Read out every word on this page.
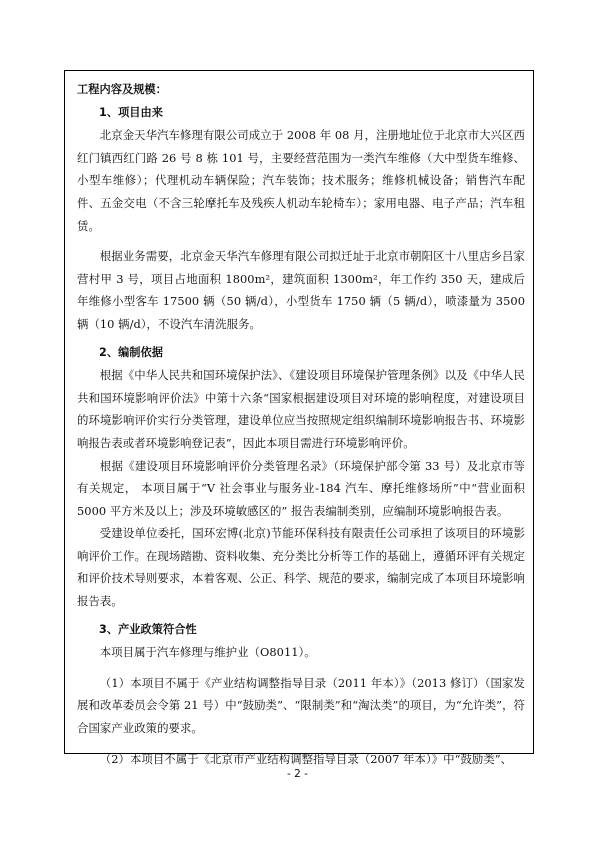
工程内容及规模：
1、项目由来

北京金天华汽车修理有限公司成立于 2008 年 08 月，注册地址位于北京市大兴区西红门镇西红门路 26 号 8 栋 101 号，主要经营范围为一类汽车维修（大中型货车维修、小型车维修）；代理机动车辆保险；汽车装饰；技术服务；维修机械设备；销售汽车配件、五金交电（不含三轮摩托车及残疾人机动车轮椅车）；家用电器、电子产品；汽车租赁。

根据业务需要，北京金天华汽车修理有限公司拟迁址于北京市朝阳区十八里店乡吕家营村甲 3 号，项目占地面积 1800m²，建筑面积 1300m²，年工作约 350 天，建成后年维修小型客车 17500 辆（50 辆/d），小型货车 1750 辆（5 辆/d），喷漆量为 3500 辆（10 辆/d），不设汽车清洗服务。

2、编制依据

根据《中华人民共和国环境保护法》、《建设项目环境保护管理条例》以及《中华人民共和国环境影响评价法》中第十六条“国家根据建设项目对环境的影响程度，对建设项目的环境影响评价实行分类管理，建设单位应当按照规定组织编制环境影响报告书、环境影响报告表或者环境影响登记表”，因此本项目需进行环境影响评价。

根据《建设项目环境影响评价分类管理名录》（环境保护部令第 33 号）及北京市等有关规定， 本项目属于“V 社会事业与服务业-184 汽车、摩托维修场所”中“营业面积 5000 平方米及以上；涉及环境敏感区的” 报告表编制类别，应编制环境影响报告表。

受建设单位委托，国环宏博(北京)节能环保科技有限责任公司承担了该项目的环境影响评价工作。在现场踏勘、资料收集、充分类比分析等工作的基础上，遵循环评有关规定和评价技术导则要求，本着客观、公正、科学、规范的要求，编制完成了本项目环境影响报告表。

3、产业政策符合性

本项目属于汽车修理与维护业（O8011）。

（1）本项目不属于《产业结构调整指导目录（2011 年本）》（2013 修订）（国家发展和改革委员会令第 21 号）中“鼓励类”、“限制类”和“淘汰类”的项目，为“允许类”，符合国家产业政策的要求。

（2）本项目不属于《北京市产业结构调整指导目录（2007 年本）》中“鼓励类”、

- 2 -
